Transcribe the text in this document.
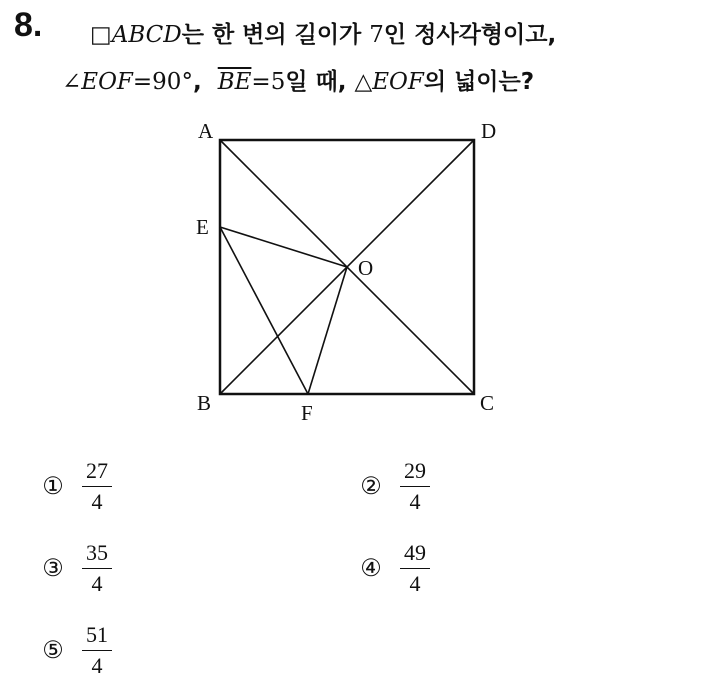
8. □ABCD는 한 변의 길이가 7인 정사각형이고,
∠EOF=90°, $\overline{BE}=5$일 때, △EOF의 넓이는?
A	D
E
O
B	F	C
① $\frac{27}{4}$	② $\frac{29}{4}$
③ $\frac{35}{4}$	④ $\frac{49}{4}$
⑤ $\frac{51}{4}$
